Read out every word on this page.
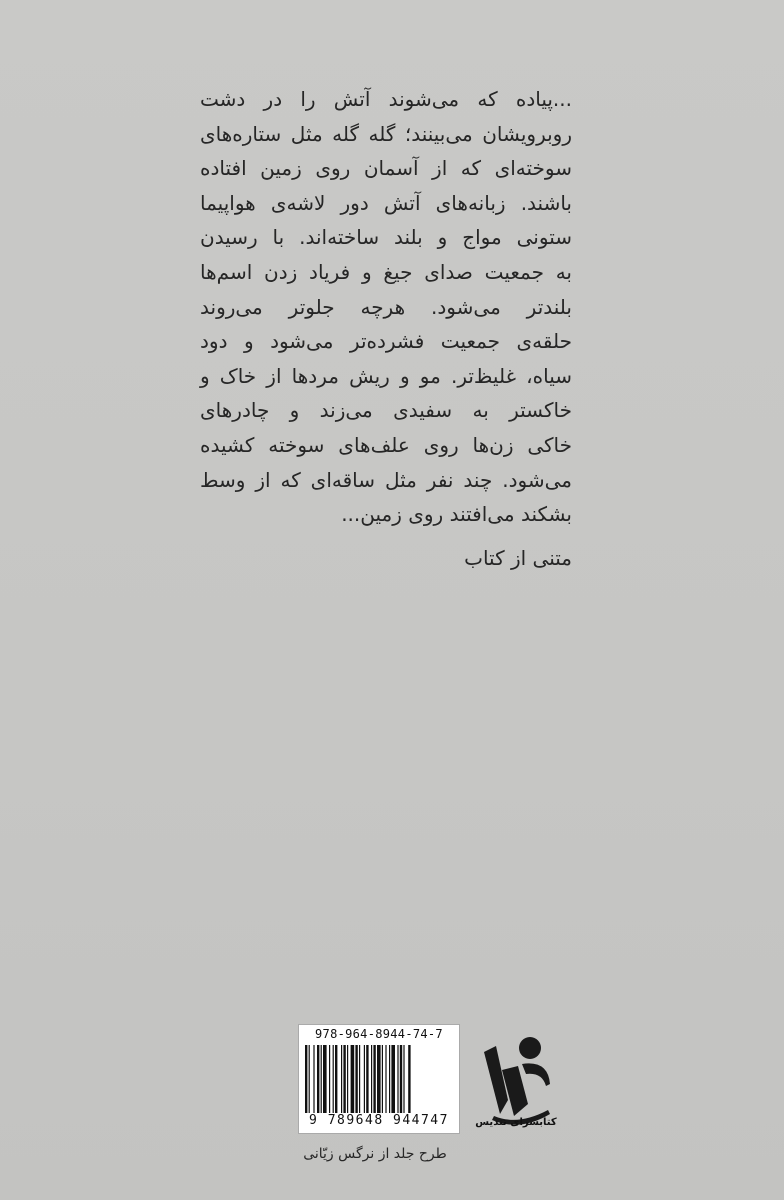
...پیاده که می‌شوند آتش را در دشت
روبرویشان می‌بینند؛ گله گله مثل ستاره‌های
سوخته‌ای که از آسمان روی زمین افتاده
باشند. زبانه‌های آتش دور لاشه‌ی هواپیما
ستونی مواج و بلند ساخته‌اند. با رسیدن
به جمعیت صدای جیغ و فریاد زدن اسم‌ها
بلندتر می‌شود. هرچه جلوتر می‌روند
حلقه‌ی جمعیت فشرده‌تر می‌شود و دود
سیاه، غلیظ‌تر. مو و ریش مردها از خاک و
خاکستر به سفیدی می‌زند و چادرهای
خاکی زن‌ها روی علف‌های سوخته کشیده
می‌شود. چند نفر مثل ساقه‌ای که از وسط
بشکند می‌افتند روی زمین...
متنی از کتاب
978-964-8944-74-7
9 789648 944747	کتابسرای تندیس
طرح جلد از نرگس زیّانی
